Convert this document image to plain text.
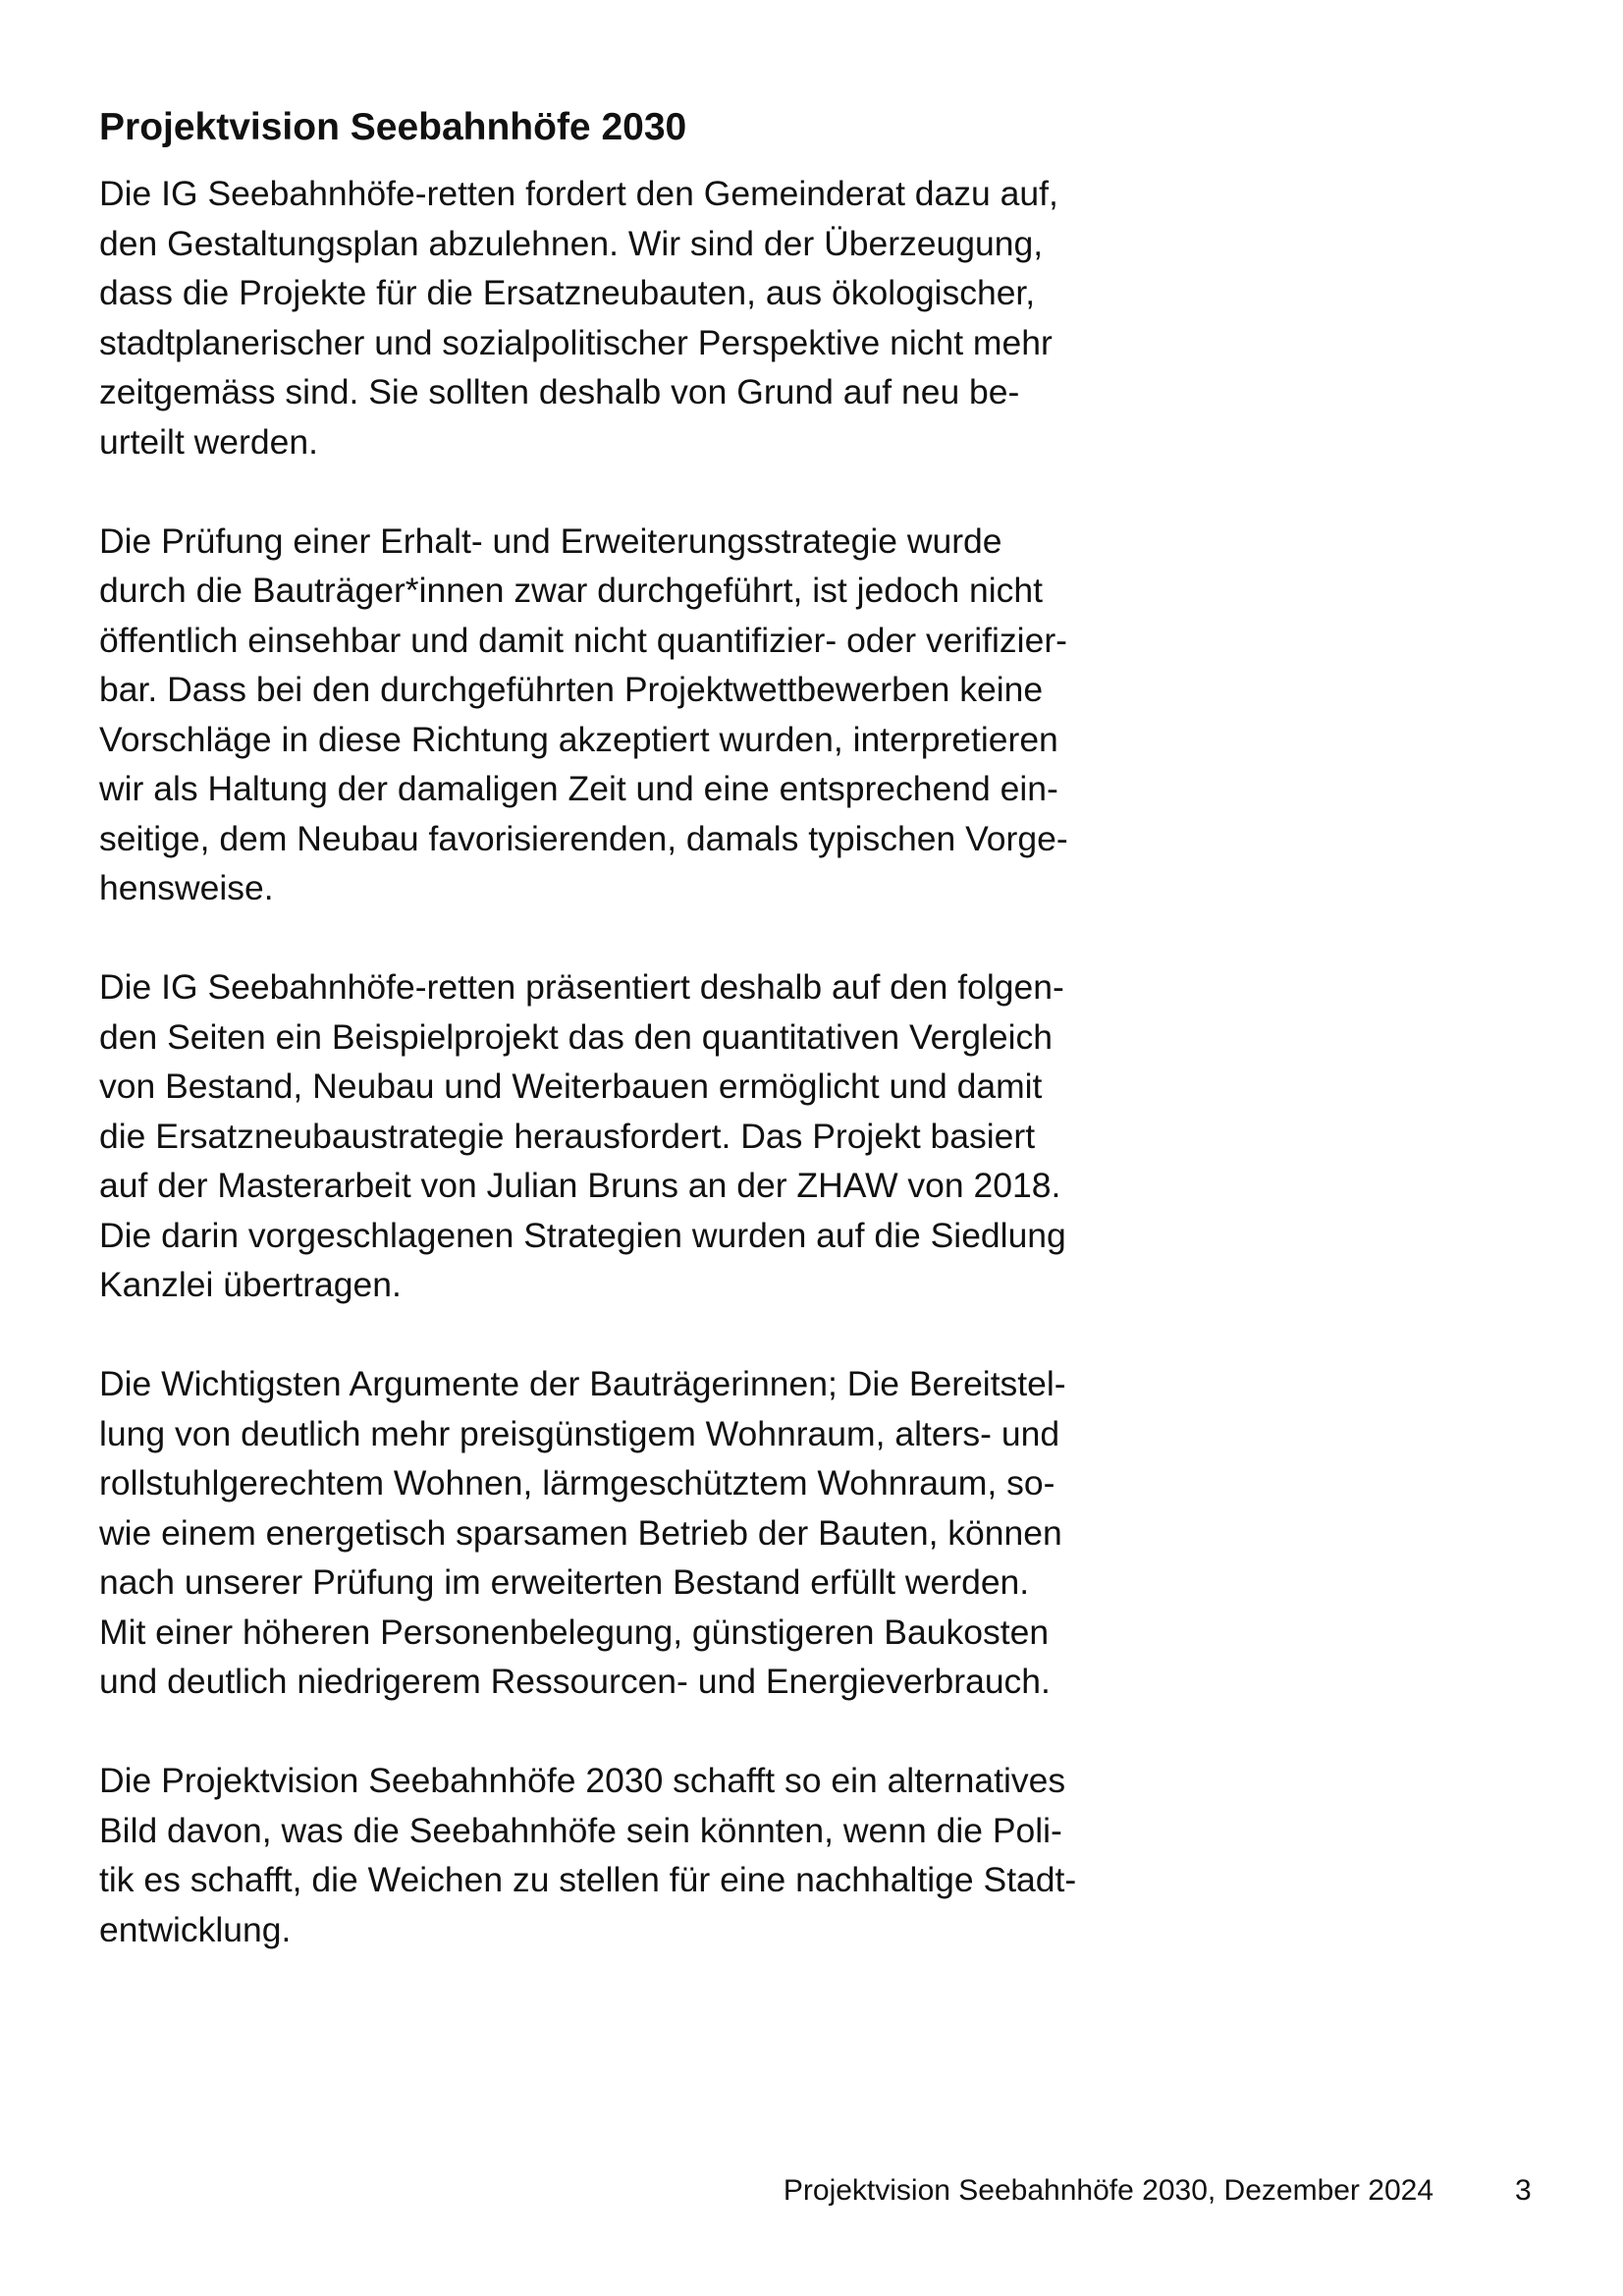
Projektvision Seebahnhöfe 2030

Die IG Seebahnhöfe-retten fordert den Gemeinderat dazu auf,
den Gestaltungsplan abzulehnen. Wir sind der Überzeugung,
dass die Projekte für die Ersatzneubauten, aus ökologischer,
stadtplanerischer und sozialpolitischer Perspektive nicht mehr
zeitgemäss sind. Sie sollten deshalb von Grund auf neu be-
urteilt werden.

Die Prüfung einer Erhalt- und Erweiterungsstrategie wurde
durch die Bauträger*innen zwar durchgeführt, ist jedoch nicht
öffentlich einsehbar und damit nicht quantifizier- oder verifizier-
bar. Dass bei den durchgeführten Projektwettbewerben keine
Vorschläge in diese Richtung akzeptiert wurden, interpretieren
wir als Haltung der damaligen Zeit und eine entsprechend ein-
seitige, dem Neubau favorisierenden, damals typischen Vorge-
hensweise.

Die IG Seebahnhöfe-retten präsentiert deshalb auf den folgen-
den Seiten ein Beispielprojekt das den quantitativen Vergleich
von Bestand, Neubau und Weiterbauen ermöglicht und damit
die Ersatzneubaustrategie herausfordert. Das Projekt basiert
auf der Masterarbeit von Julian Bruns an der ZHAW von 2018.
Die darin vorgeschlagenen Strategien wurden auf die Siedlung
Kanzlei übertragen.

Die Wichtigsten Argumente der Bauträgerinnen; Die Bereitstel-
lung von deutlich mehr preisgünstigem Wohnraum, alters- und
rollstuhlgerechtem Wohnen, lärmgeschütztem Wohnraum, so-
wie einem energetisch sparsamen Betrieb der Bauten, können
nach unserer Prüfung im erweiterten Bestand erfüllt werden.
Mit einer höheren Personenbelegung, günstigeren Baukosten
und deutlich niedrigerem Ressourcen- und Energieverbrauch.

Die Projektvision Seebahnhöfe 2030 schafft so ein alternatives
Bild davon, was die Seebahnhöfe sein könnten, wenn die Poli-
tik es schafft, die Weichen zu stellen für eine nachhaltige Stadt-
entwicklung.

Projektvision Seebahnhöfe 2030, Dezember 2024	3
